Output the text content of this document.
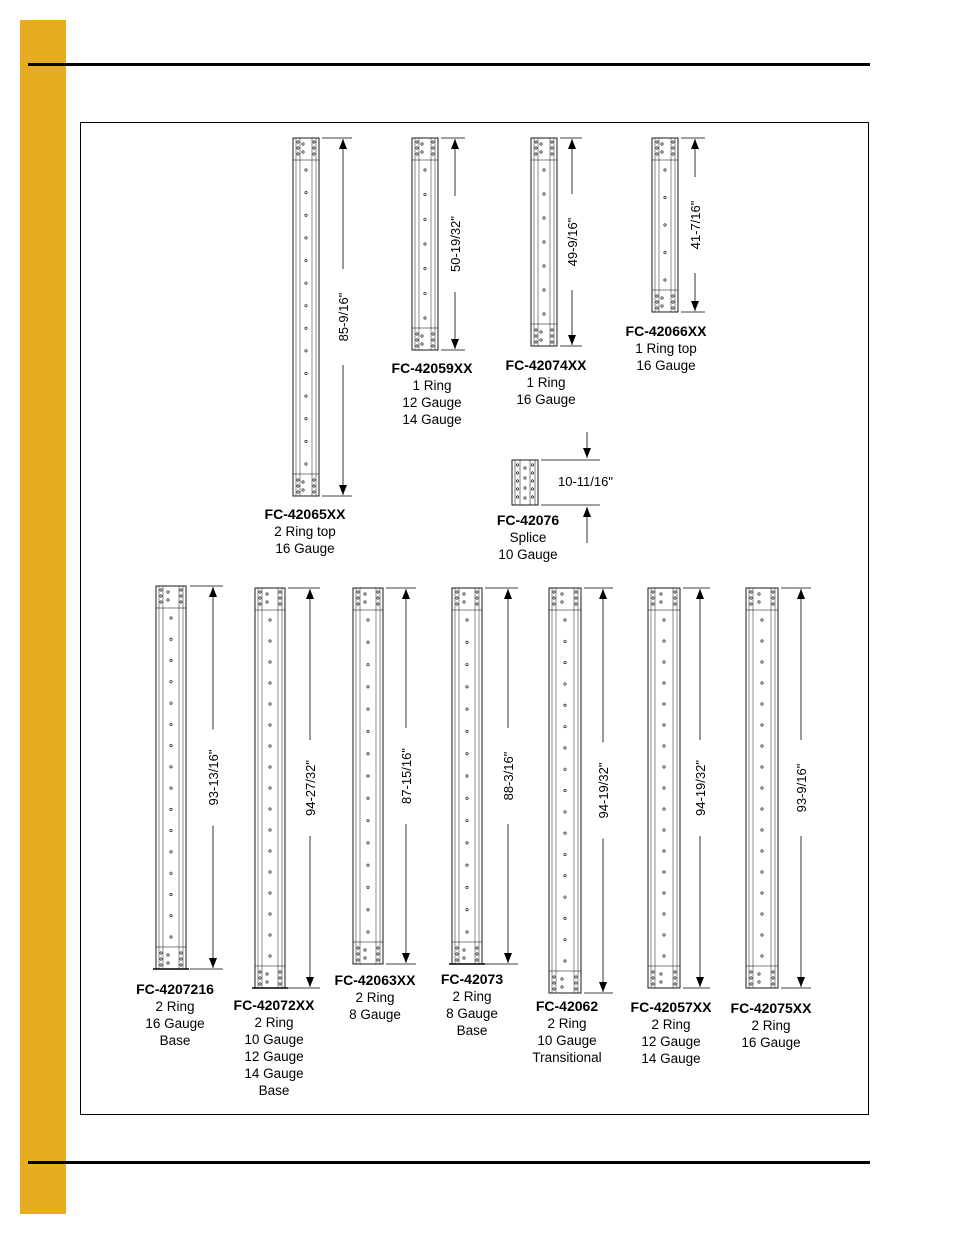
85-9/16"
FC-42065XX
2 Ring top
16 Gauge
50-19/32"
FC-42059XX
1 Ring
12 Gauge
14 Gauge
49-9/16"
FC-42074XX
1 Ring
16 Gauge
41-7/16"
FC-42066XX
1 Ring top
16 Gauge
10-11/16"
FC-42076
Splice
10 Gauge
93-13/16"
FC-4207216
2 Ring
16 Gauge
Base
94-27/32"
FC-42072XX
2 Ring
10 Gauge
12 Gauge
14 Gauge
Base
87-15/16"
FC-42063XX
2 Ring
8 Gauge
88-3/16"
FC-42073
2 Ring
8 Gauge
Base
94-19/32"
FC-42062
2 Ring
10 Gauge
Transitional
94-19/32"
FC-42057XX
2 Ring
12 Gauge
14 Gauge
93-9/16"
FC-42075XX
2 Ring
16 Gauge
